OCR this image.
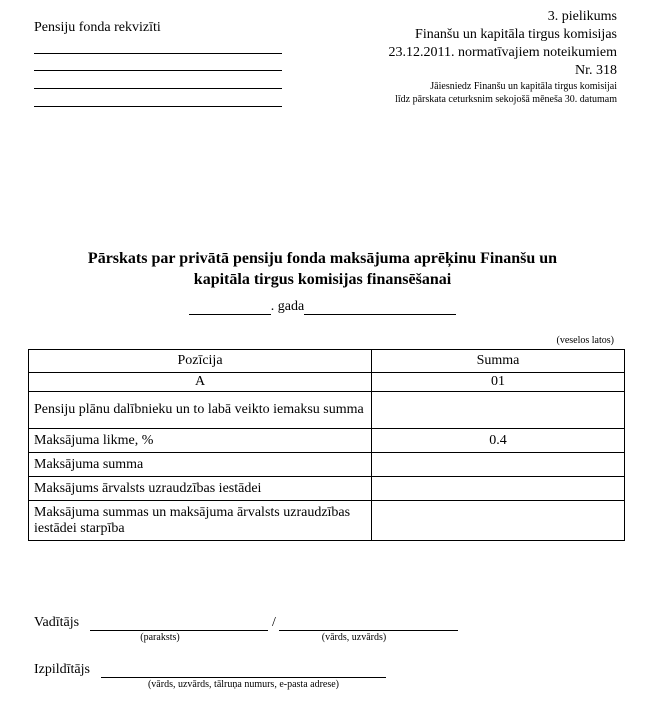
Pensiju fonda rekvizīti
3. pielikums
Finanšu un kapitāla tirgus komisijas
23.12.2011. normatīvajiem noteikumiem
Nr. 318
Jāiesniedz Finanšu un kapitāla tirgus komisijai
līdz pārskata ceturksnim sekojošā mēneša 30. datumam
Pārskats par privātā pensiju fonda maksājuma aprēķinu Finanšu un
kapitāla tirgus komisijas finansēšanai
. gada
(veselos latos)
Pozīcija	Summa
A	01
Pensiju plānu dalībnieku un to labā veikto iemaksu summa	
Maksājuma likme, %	0.4
Maksājuma summa	
Maksājums ārvalsts uzraudzības iestādei	
Maksājuma summas un maksājuma ārvalsts uzraudzības iestādei starpība	
Vadītājs	/
(paraksts)	(vārds, uzvārds)
Izpildītājs
(vārds, uzvārds, tālruņa numurs, e-pasta adrese)
